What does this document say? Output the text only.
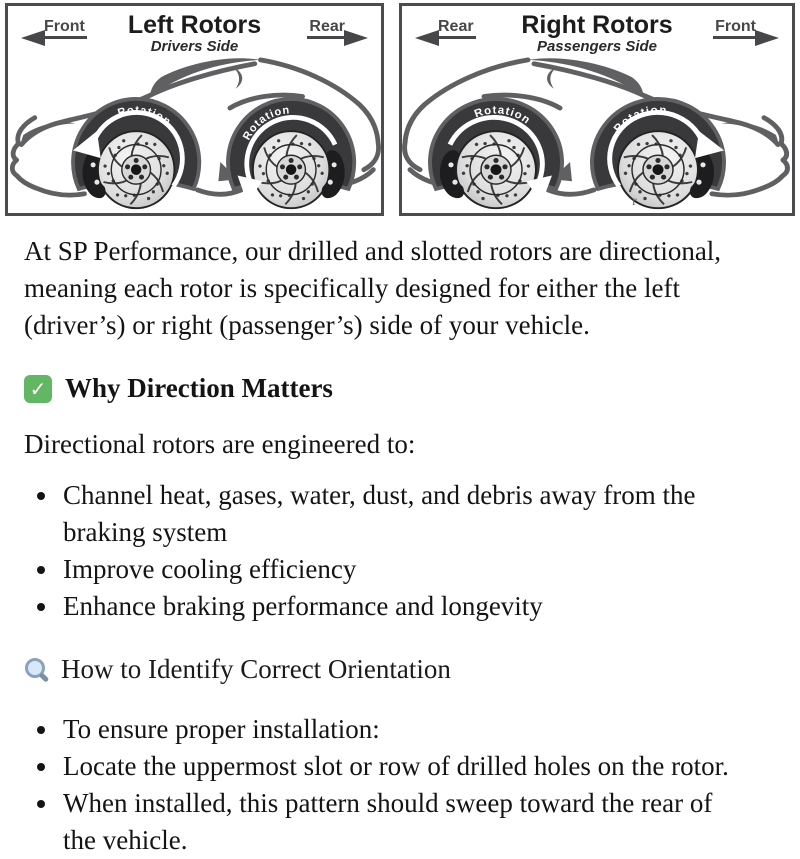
Rotation
Rotation
Front	Left Rotors
Drivers Side
Rear
Rotation
Rotation
Rear	Right Rotors
Passengers Side
Front
r

At SP Performance, our drilled and slotted rotors are directional, meaning each rotor is specifically designed for either the left (driver’s) or right (passenger’s) side of your vehicle.

✓
Why Direction Matters

Directional rotors are engineered to:

• Channel heat, gases, water, dust, and debris away from the braking system
• Improve cooling efficiency
• Enhance braking performance and longevity
How to Identify Correct Orientation
• To ensure proper installation:
• Locate the uppermost slot or row of drilled holes on the rotor.
• When installed, this pattern should sweep toward the rear of the vehicle.
